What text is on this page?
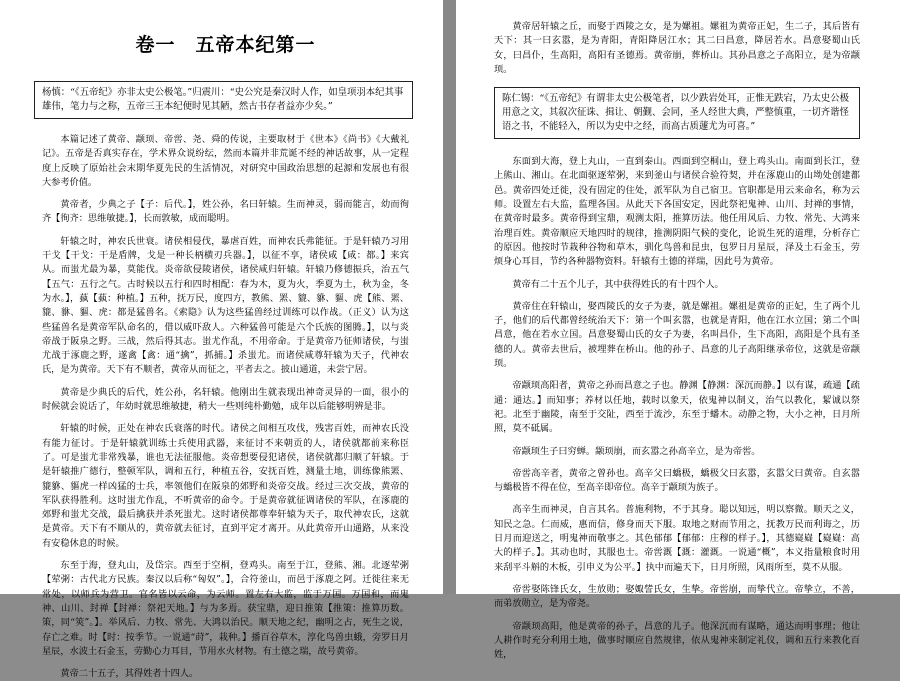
卷一　五帝本纪第一
杨慎：“《五帝纪》亦非太史公极笔。”归震川：“史公究是秦汉时人作，如皇项羽本纪其事雄伟，笔力与之称，五帝三王本纪便时见其陋，然古书存者益亦少矣。”

本篇记述了黄帝、颛顼、帝喾、尧、舜的传说，主要取材于《世本》《尚书》《大戴礼记》。五帝是否真实存在，学术界众说纷纭，然而本篇并非荒诞不经的神话故事，从一定程度上反映了原始社会末期华夏先民的生活情况，对研究中国政治思想的起源和发展也有很大参考价值。

黄帝者，少典之子【子：后代。】，姓公孙，名曰轩辕。生而神灵，弱而能言，幼而徇齐【徇齐：思维敏捷。】，长而敦敏，成而聪明。

轩辕之时，神农氏世衰。诸侯相侵伐，暴虐百姓，而神农氏弗能征。于是轩辕乃习用干戈【干戈：干是盾牌，戈是一种长柄横刃兵器。】，以征不享，诸侯咸【咸：都。】来宾从。而蚩尤最为暴，莫能伐。炎帝欲侵陵诸侯，诸侯咸归轩辕。轩辕乃修德振兵，治五气【五气：五行之气。古时候以五行和四时相配：春为木，夏为火，季夏为土，秋为金，冬为水。】，蓺【蓺：种植。】五种，抚万民，度四方，教熊、罴、貔、貅、貙、虎【熊、罴、貔、貅、貙、虎：都是猛兽名。《索隐》认为这些猛兽经过训练可以作战。（正义）认为这些猛兽名是黄帝军队命名的，借以威吓敌人。六种猛兽可能是六个氏族的图腾。】，以与炎帝战于阪泉之野。三战，然后得其志。蚩尤作乱，不用帝命。于是黄帝乃征师诸侯，与蚩尤战于涿鹿之野，遂禽【禽：通“擒”，抓捕。】杀蚩尤。而诸侯咸尊轩辕为天子，代神农氏，是为黄帝。天下有不顺者，黄帝从而征之，平者去之。披山通道，未尝宁居。

黄帝是少典氏的后代，姓公孙，名轩辕。他刚出生就表现出神奇灵异的一面，很小的时候就会说话了，年幼时就思维敏捷，稍大一些则纯朴勤勉，成年以后能够明辨是非。

轩辕的时候，正处在神农氏衰落的时代。诸侯之间相互攻伐，残害百姓，而神农氏没有能力征讨。于是轩辕就训练士兵使用武器，来征讨不来朝贡的人，诸侯就都前来称臣了。可是蚩尤非常残暴，谁也无法征服他。炎帝想要侵犯诸侯，诸侯就都归顺了轩辕。于是轩辕推广德行，整顿军队，调和五行，种植五谷，安抚百姓，测量土地，训练像熊罴、貔貅、貙虎一样凶猛的士兵，率领他们在阪泉的郊野和炎帝交战。经过三次交战，黄帝的军队获得胜利。这时蚩尤作乱，不听黄帝的命令。于是黄帝就征调诸侯的军队，在涿鹿的郊野和蚩尤交战，最后擒获并杀死蚩尤。这时诸侯都尊奉轩辕为天子，取代神农氏，这就是黄帝。天下有不顺从的，黄帝就去征讨，直到平定才离开。从此黄帝开山通路，从来没有安稳休息的时候。

东至于海，登丸山，及岱宗。西至于空桐，登鸡头。南至于江，登熊、湘。北逐荤粥【荤粥：古代北方民族。秦汉以后称“匈奴”。】，合符釜山，而邑于涿鹿之阿。迁徙往来无常处，以师兵为营卫。官名皆以云命，为云师。置左右大监，监于万国。万国和，而鬼神、山川、封禅【封禅：祭祀天地。】与为多焉。获宝鼎，迎日推策【推策：推算历数。策，同“筴”。】。举风后、力牧、常先、大鸿以治民。顺天地之纪，幽明之占，死生之说，存亡之难。时【时：按季节。一说通“莳”，栽种。】播百谷草木，淳化鸟兽虫蛾，旁罗日月星辰，水波土石金玉，劳勤心力耳目，节用水火材物。有土德之瑞，故号黄帝。

黄帝二十五子，其得姓者十四人。

黄帝居轩辕之丘，而娶于西陵之女，是为嫘祖。嫘祖为黄帝正妃，生二子，其后皆有天下：其一曰玄嚣，是为青阳，青阳降居江水；其二曰昌意，降居若水。昌意娶蜀山氏女，曰昌仆，生高阳，高阳有圣德焉。黄帝崩，葬桥山。其孙昌意之子高阳立，是为帝颛顼。

陈仁锡：“《五帝纪》有谓非太史公极笔者，以少跌岩处耳，正惟无跌宕，乃太史公极用意之文，其叙次征诛、揖让、朝觐、会同，圣人经世大典，严整慎重，一切齐谐怪语之书，不能轻入，所以为史中之经，而高古质蘧尤为可喜。”

东面到大海，登上丸山，一直到泰山。西面到空桐山，登上鸡头山。南面到长江，登上熊山、湘山。在北面驱逐荤粥，来到釜山与诸侯合验符契，并在涿鹿山的山坳处创建都邑。黄帝四处迁徙，没有固定的住处，派军队为自己宿卫。官职都是用云来命名，称为云师。设置左右大监，监理各国。从此天下各国安定，因此祭祀鬼神、山川、封禅的事情，在黄帝时最多。黄帝得到宝鼎，观测太阳，推算历法。他任用风后、力牧、常先、大鸿来治理百姓。黄帝顺应天地四时的规律，推测阴阳气候的变化，论说生死的道理，分析存亡的原因。他按时节栽种谷物和草木，驯化鸟兽和昆虫，包罗日月星辰，泽及土石金玉，劳烦身心耳目，节约各种器物资料。轩辕有土德的祥瑞，因此号为黄帝。

黄帝有二十五个儿子，其中获得姓氏的有十四个人。

黄帝住在轩辕山，娶西陵氏的女子为妻，就是嫘祖。嫘祖是黄帝的正妃，生了两个儿子，他们的后代都曾经统治天下：第一个叫玄嚣，也就是青阳，他在江水立国；第二个叫昌意，他在若水立国。昌意娶蜀山氏的女子为妻，名叫昌仆，生下高阳，高阳是个具有圣德的人。黄帝去世后，被埋葬在桥山。他的孙子、昌意的儿子高阳继承帝位，这就是帝颛顼。

帝颛顼高阳者，黄帝之孙而昌意之子也。静渊【静渊：深沉而静。】以有谋，疏通【疏通：通达。】而知事；养材以任地，载时以象天，依鬼神以制义，治气以教化，絜诚以祭祀。北至于幽陵，南至于交阯，西至于流沙，东至于蟠木。动静之物，大小之神，日月所照，莫不砥属。

帝颛顼生子曰穷蝉。颛顼崩，而玄嚣之孙高辛立，是为帝喾。

帝喾高辛者，黄帝之曾孙也。高辛父曰蟜极，蟜极父曰玄嚣，玄嚣父曰黄帝。自玄嚣与蟜极皆不得在位，至高辛即帝位。高辛于颛顼为族子。

高辛生而神灵，自言其名。普施利物，不于其身。聪以知远，明以察微。顺天之义，知民之急。仁而威，惠而信，修身而天下服。取地之财而节用之，抚教万民而利诲之，历日月而迎送之，明鬼神而敬事之。其色郁郁【郁郁：庄穆的样子。】，其德嶷嶷【嶷嶷：高大的样子。】。其动也时，其服也士。帝喾溉【溉：灌溉。一说通“概”，本义指量粮食时用来刮平斗斛的木板，引申义为公平。】执中而遍天下，日月所照，风雨所至，莫不从服。

帝喾娶陈锋氏女，生放勋；娶娵訾氏女，生挚。帝喾崩，而挚代立。帝挚立，不善，而弟放勋立，是为帝尧。

帝颛顼高阳，他是黄帝的孙子，昌意的儿子。他深沉而有谋略，通达而明事理；他让人耕作时充分利用土地，做事时顺应自然规律，依从鬼神来制定礼仪，调和五行来教化百姓，
